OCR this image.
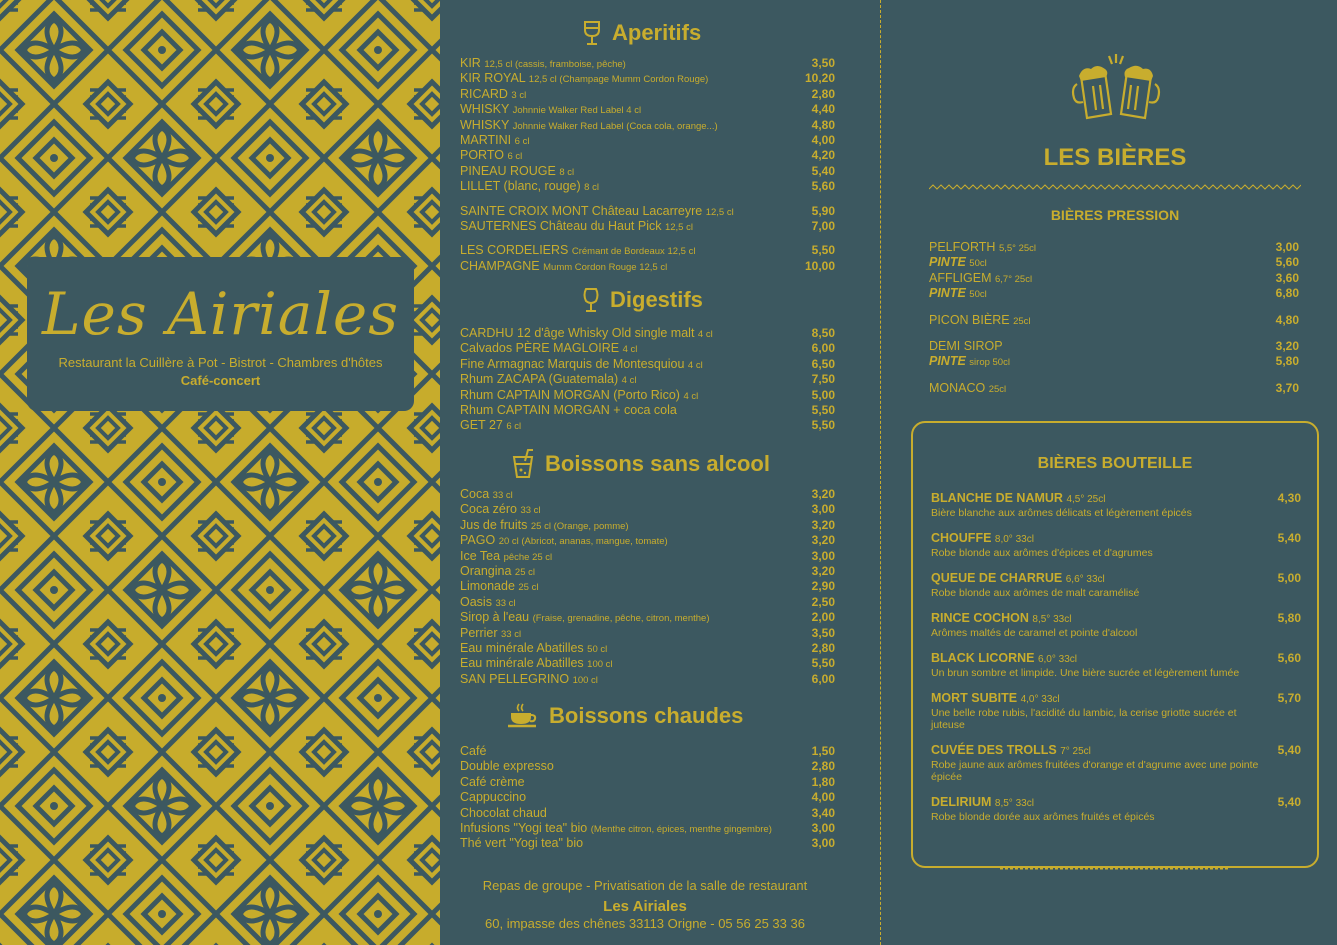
Les Airiales
Restaurant la Cuillère à Pot - Bistrot - Chambres d'hôtes
Café-concert
Aperitifs
KIR 12,5 cl (cassis, framboise, pêche)	3,50
KIR ROYAL 12,5 cl (Champage Mumm Cordon Rouge)	10,20
RICARD 3 cl	2,80
WHISKY Johnnie Walker Red Label 4 cl	4,40
WHISKY Johnnie Walker Red Label (Coca cola, orange...)	4,80
MARTINI 6 cl	4,00
PORTO 6 cl	4,20
PINEAU ROUGE 8 cl	5,40
LILLET (blanc, rouge) 8 cl	5,60
SAINTE CROIX MONT Château Lacarreyre 12,5 cl	5,90
SAUTERNES Château du Haut Pick 12,5 cl	7,00
LES CORDELIERS Crémant de Bordeaux 12,5 cl	5,50
CHAMPAGNE Mumm Cordon Rouge 12,5 cl	10,00
Digestifs
CARDHU 12 d'âge Whisky Old single malt 4 cl	8,50
Calvados PÈRE MAGLOIRE 4 cl	6,00
Fine Armagnac Marquis de Montesquiou 4 cl	6,50
Rhum ZACAPA (Guatemala) 4 cl	7,50
Rhum CAPTAIN MORGAN (Porto Rico) 4 cl	5,00
Rhum CAPTAIN MORGAN + coca cola	5,50
GET 27 6 cl	5,50
Boissons sans alcool
Coca 33 cl	3,20
Coca zéro 33 cl	3,00
Jus de fruits 25 cl (Orange, pomme)	3,20
PAGO 20 cl (Abricot, ananas, mangue, tomate)	3,20
Ice Tea pêche 25 cl	3,00
Orangina 25 cl	3,20
Limonade 25 cl	2,90
Oasis 33 cl	2,50
Sirop à l'eau (Fraise, grenadine, pêche, citron, menthe)	2,00
Perrier 33 cl	3,50
Eau minérale Abatilles 50 cl	2,80
Eau minérale Abatilles 100 cl	5,50
SAN PELLEGRINO 100 cl	6,00
Boissons chaudes
Café	1,50
Double expresso	2,80
Café crème	1,80
Cappuccino	4,00
Chocolat chaud	3,40
Infusions "Yogi tea" bio (Menthe citron, épices, menthe gingembre)	3,00
Thé vert "Yogi tea" bio	3,00
Repas de groupe - Privatisation de la salle de restaurant
Les Airiales
60, impasse des chênes 33113 Origne - 05 56 25 33 36
LES BIÈRES
BIÈRES PRESSION
PELFORTH 5,5° 25cl	3,00
PINTE 50cl	5,60
AFFLIGEM 6,7° 25cl	3,60
PINTE 50cl	6,80
PICON BIÈRE 25cl	4,80
DEMI SIROP	3,20
PINTE sirop 50cl	5,80
MONACO 25cl	3,70
BIÈRES BOUTEILLE
BLANCHE DE NAMUR 4,5° 25cl	4,30
Bière blanche aux arômes délicats et légèrement épicés
CHOUFFE 8,0° 33cl	5,40
Robe blonde aux arômes d'épices et d'agrumes
QUEUE DE CHARRUE 6,6° 33cl	5,00
Robe blonde aux arômes de malt caramélisé
RINCE COCHON 8,5° 33cl	5,80
Arômes maltés de caramel et pointe d'alcool
BLACK LICORNE 6,0° 33cl	5,60
Un brun sombre et limpide. Une bière sucrée et légèrement fumée
MORT SUBITE 4,0° 33cl	5,70
Une belle robe rubis, l'acidité du lambic, la cerise griotte sucrée et juteuse
CUVÉE DES TROLLS 7° 25cl	5,40
Robe jaune aux arômes fruitées d'orange et d'agrume avec une pointe épicée
DELIRIUM 8,5° 33cl	5,40
Robe blonde dorée aux arômes fruités et épicés
